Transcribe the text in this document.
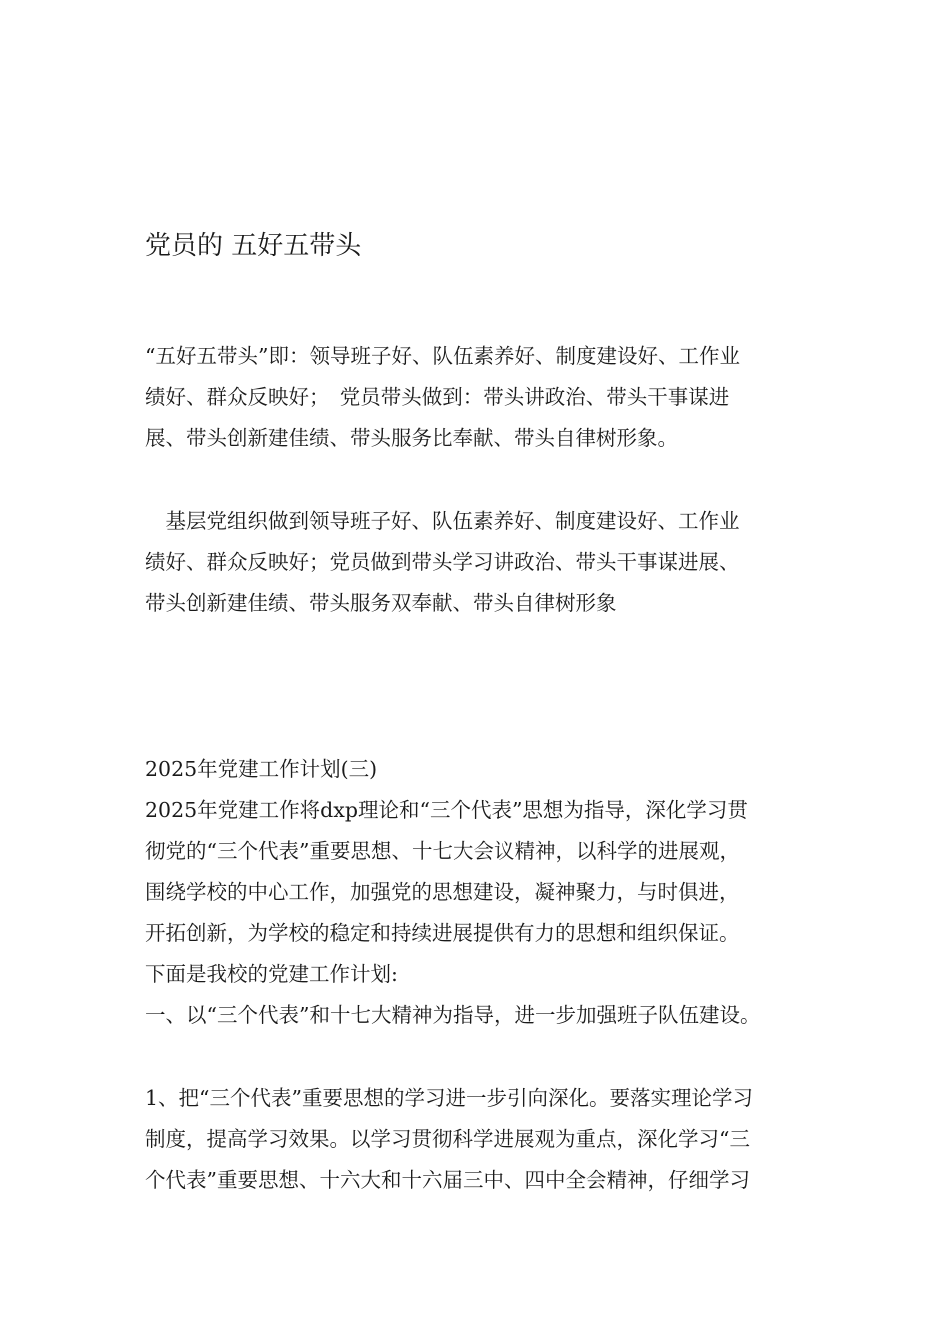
党员的 五好五带头
“五好五带头”即：领导班子好、队伍素养好、制度建设好、工作业
绩好、群众反映好；　党员带头做到：带头讲政治、带头干事谋进
展、带头创新建佳绩、带头服务比奉献、带头自律树形象。
　基层党组织做到领导班子好、队伍素养好、制度建设好、工作业
绩好、群众反映好；党员做到带头学习讲政治、带头干事谋进展、
带头创新建佳绩、带头服务双奉献、带头自律树形象
2025年党建工作计划(三)
2025年党建工作将dxp理论和“三个代表”思想为指导，深化学习贯
彻党的“三个代表”重要思想、十七大会议精神，以科学的进展观，
围绕学校的中心工作，加强党的思想建设，凝神聚力，与时俱进，
开拓创新，为学校的稳定和持续进展提供有力的思想和组织保证。
下面是我校的党建工作计划:
一、以“三个代表”和十七大精神为指导，进一步加强班子队伍建设。
1、把“三个代表”重要思想的学习进一步引向深化。要落实理论学习
制度，提高学习效果。以学习贯彻科学进展观为重点，深化学习“三
个代表”重要思想、十六大和十六届三中、四中全会精神，仔细学习
